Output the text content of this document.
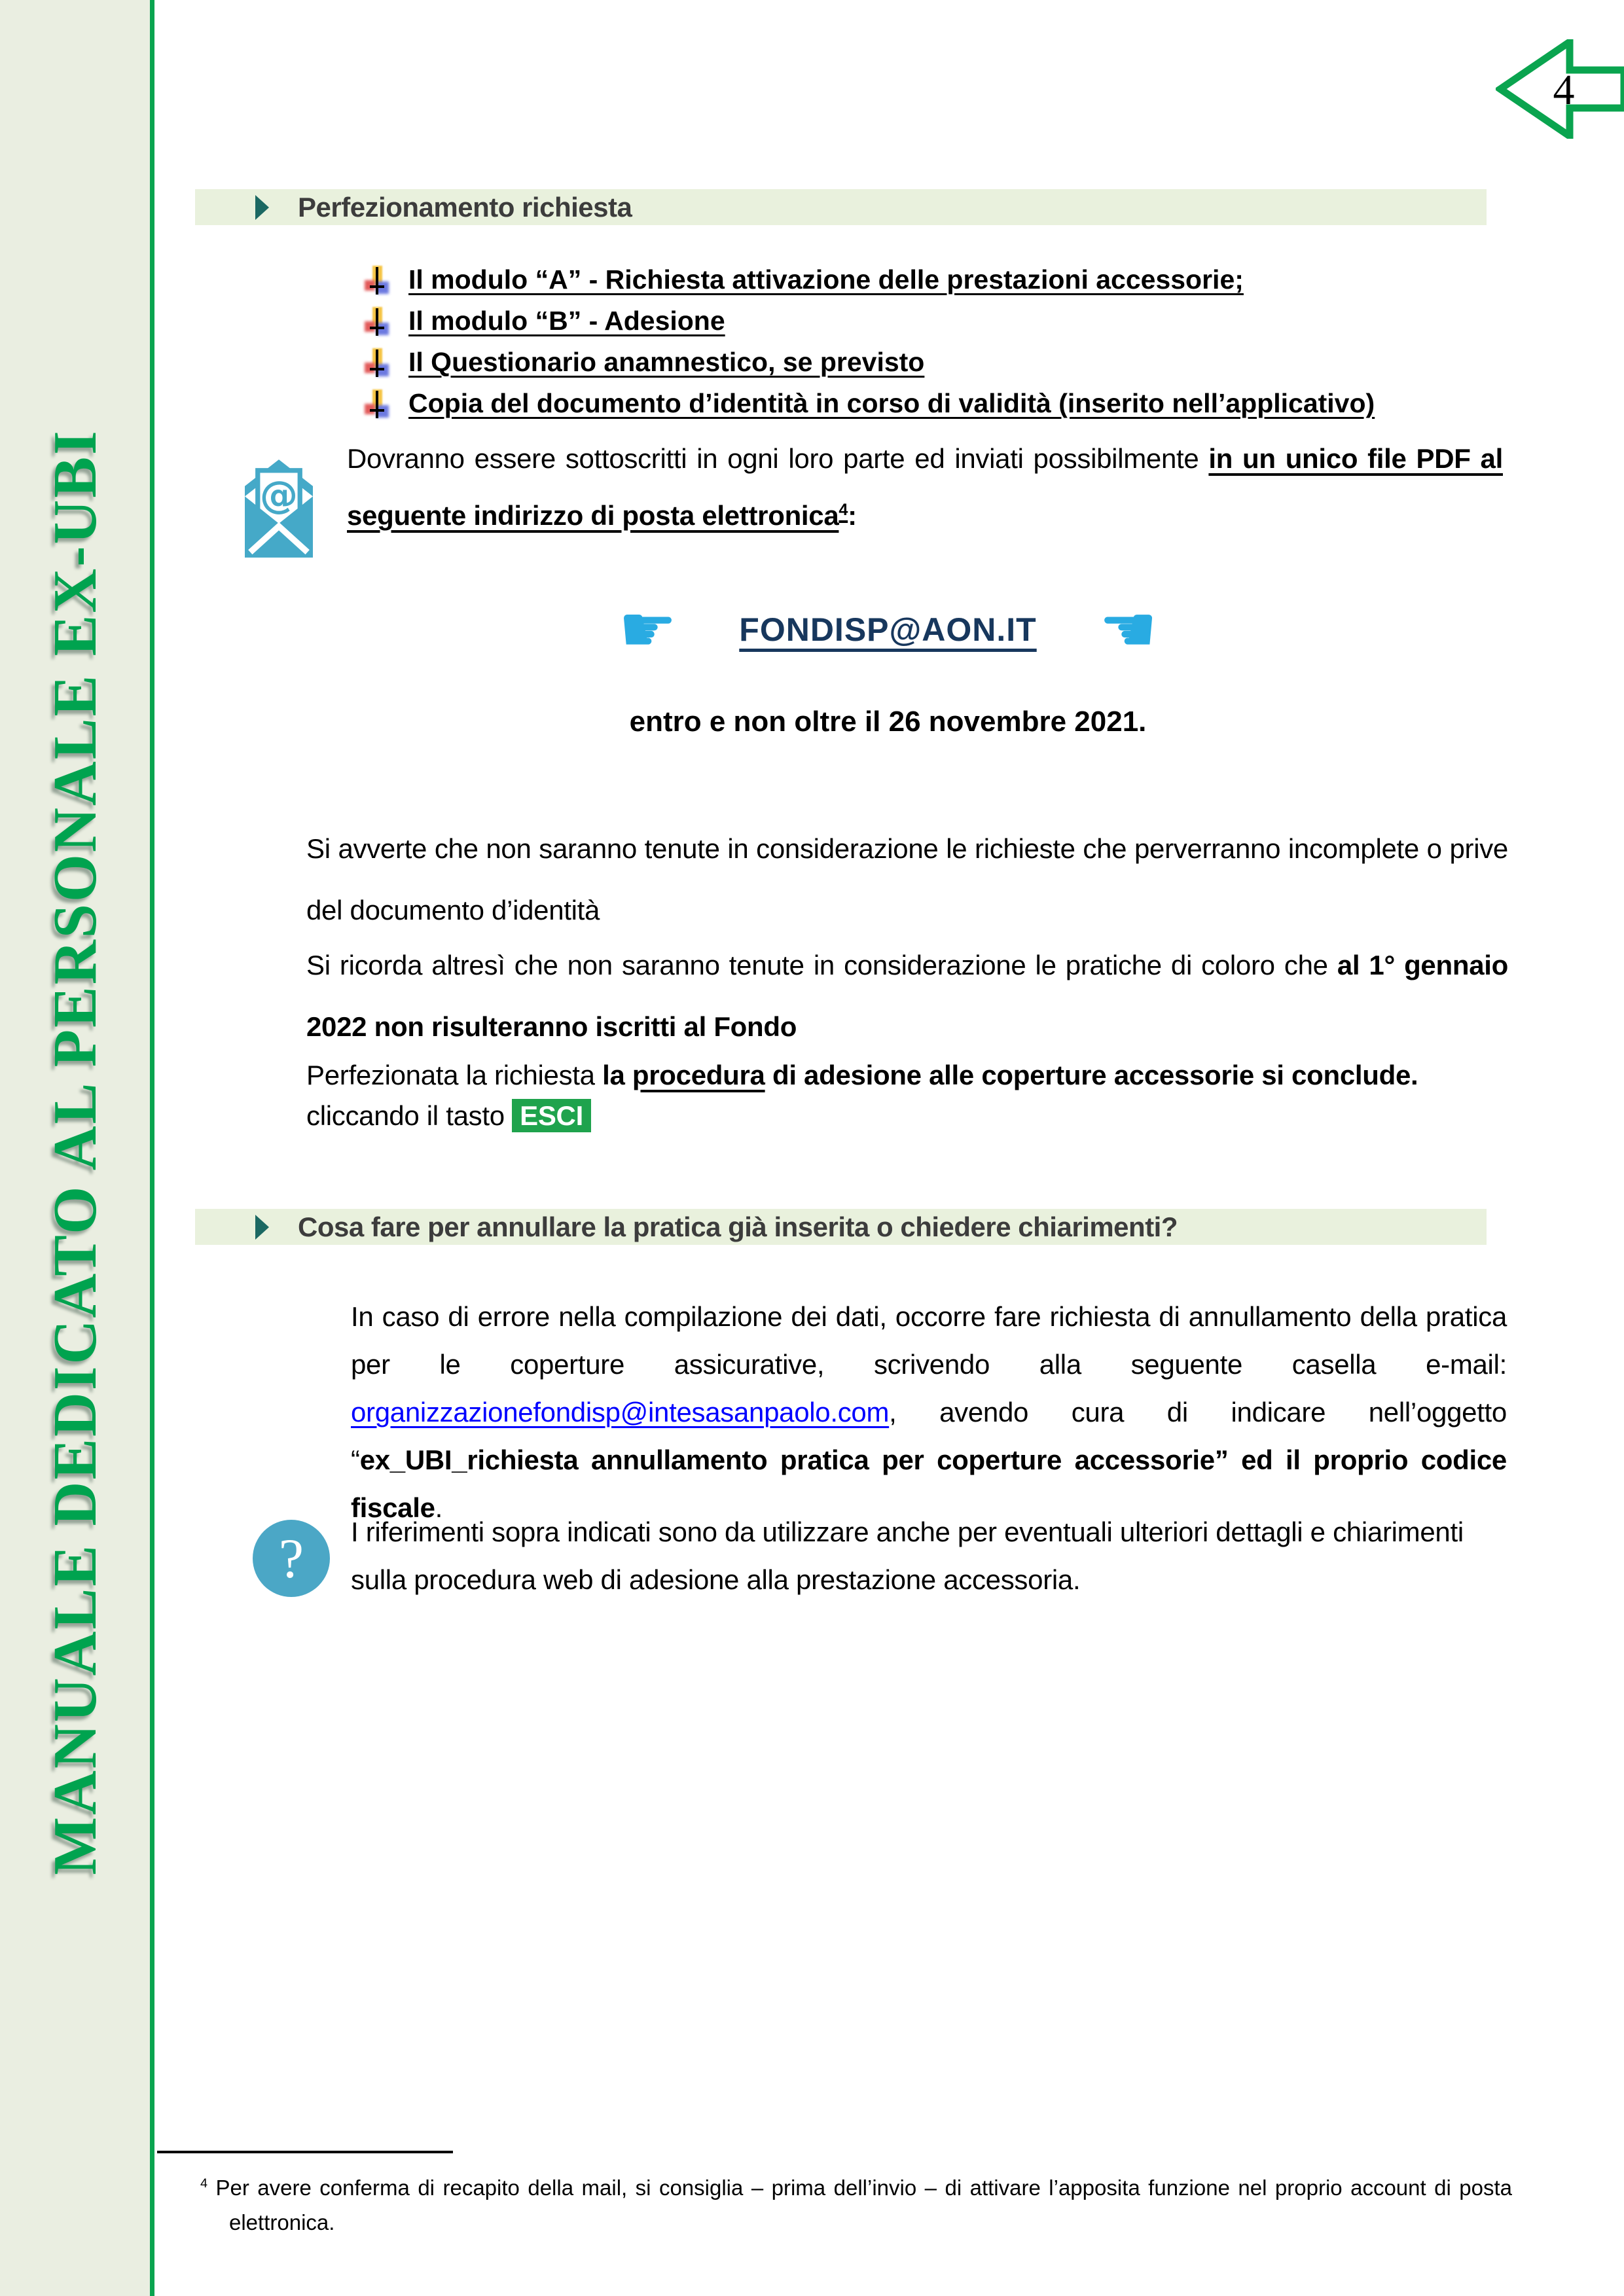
MANUALE DEDICATO AL PERSONALE EX-UBI
4
Perfezionamento richiesta
Il modulo “A” - Richiesta attivazione delle prestazioni accessorie;
Il modulo “B” - Adesione
Il Questionario anamnestico, se previsto
Copia del documento d’identità in corso di validità (inserito nell’applicativo)
@
Dovranno essere sottoscritti in ogni loro parte ed inviati possibilmente in un unico file PDF al seguente indirizzo di posta elettronica$^4$:
☛ FONDISP@AON.IT ☚
entro e non oltre il 26 novembre 2021.
Si avverte che non saranno tenute in considerazione le richieste che perverranno incomplete o prive del documento d’identità
Si ricorda altresì che non saranno tenute in considerazione le pratiche di coloro che al 1° gennaio 2022 non risulteranno iscritti al Fondo
Perfezionata la richiesta la procedura di adesione alle coperture accessorie si conclude.
cliccando il tasto ESCI
Cosa fare per annullare la pratica già inserita o chiedere chiarimenti?
In caso di errore nella compilazione dei dati, occorre fare richiesta di annullamento della pratica per le coperture assicurative, scrivendo alla seguente casella e-mail: organizzazionefondisp@intesasanpaolo.com, avendo cura di indicare nell’oggetto “ex_UBI_richiesta annullamento pratica per coperture accessorie” ed il proprio codice fiscale.
? I riferimenti sopra indicati sono da utilizzare anche per eventuali ulteriori dettagli e chiarimenti sulla procedura web di adesione alla prestazione accessoria.
$^4$ Per avere conferma di recapito della mail, si consiglia – prima dell’invio – di attivare l’apposita funzione nel proprio account di posta elettronica.
